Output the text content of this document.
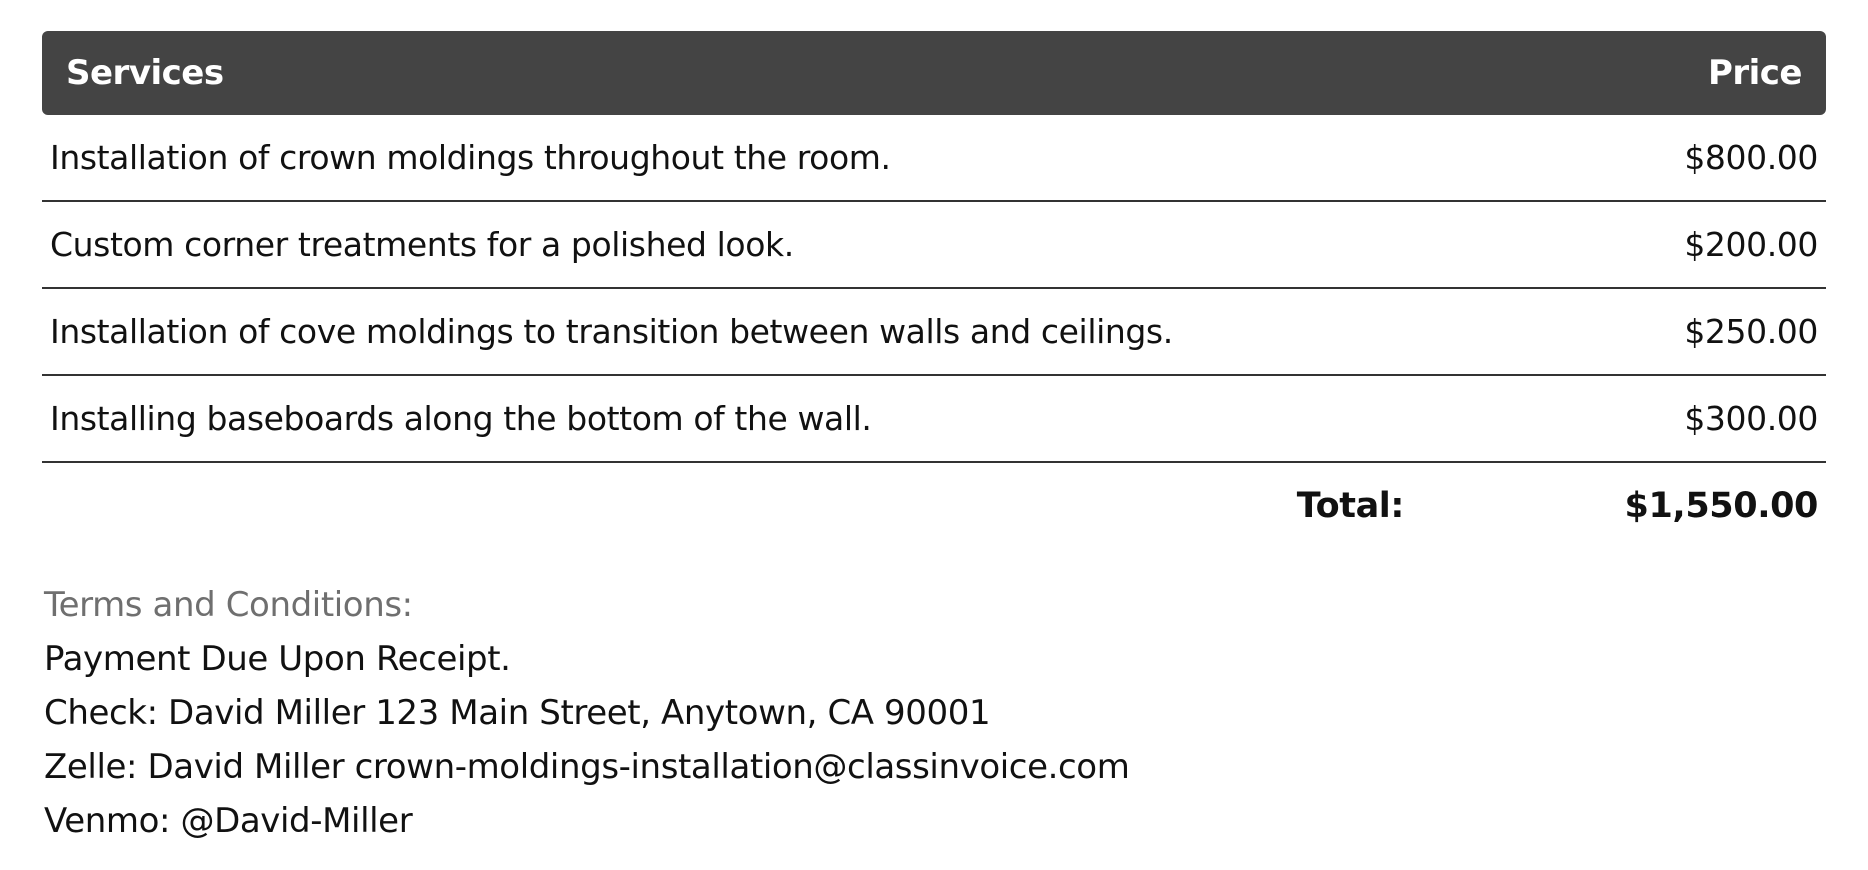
Services	Price
Installation of crown moldings throughout the room.	$800.00
Custom corner treatments for a polished look.	$200.00
Installation of cove moldings to transition between walls and ceilings.	$250.00
Installing baseboards along the bottom of the wall.	$300.00
Total:	$1,550.00
Terms and Conditions:
Payment Due Upon Receipt.
Check: David Miller 123 Main Street, Anytown, CA 90001
Zelle: David Miller crown-moldings-installation@classinvoice.com
Venmo: @David-Miller
